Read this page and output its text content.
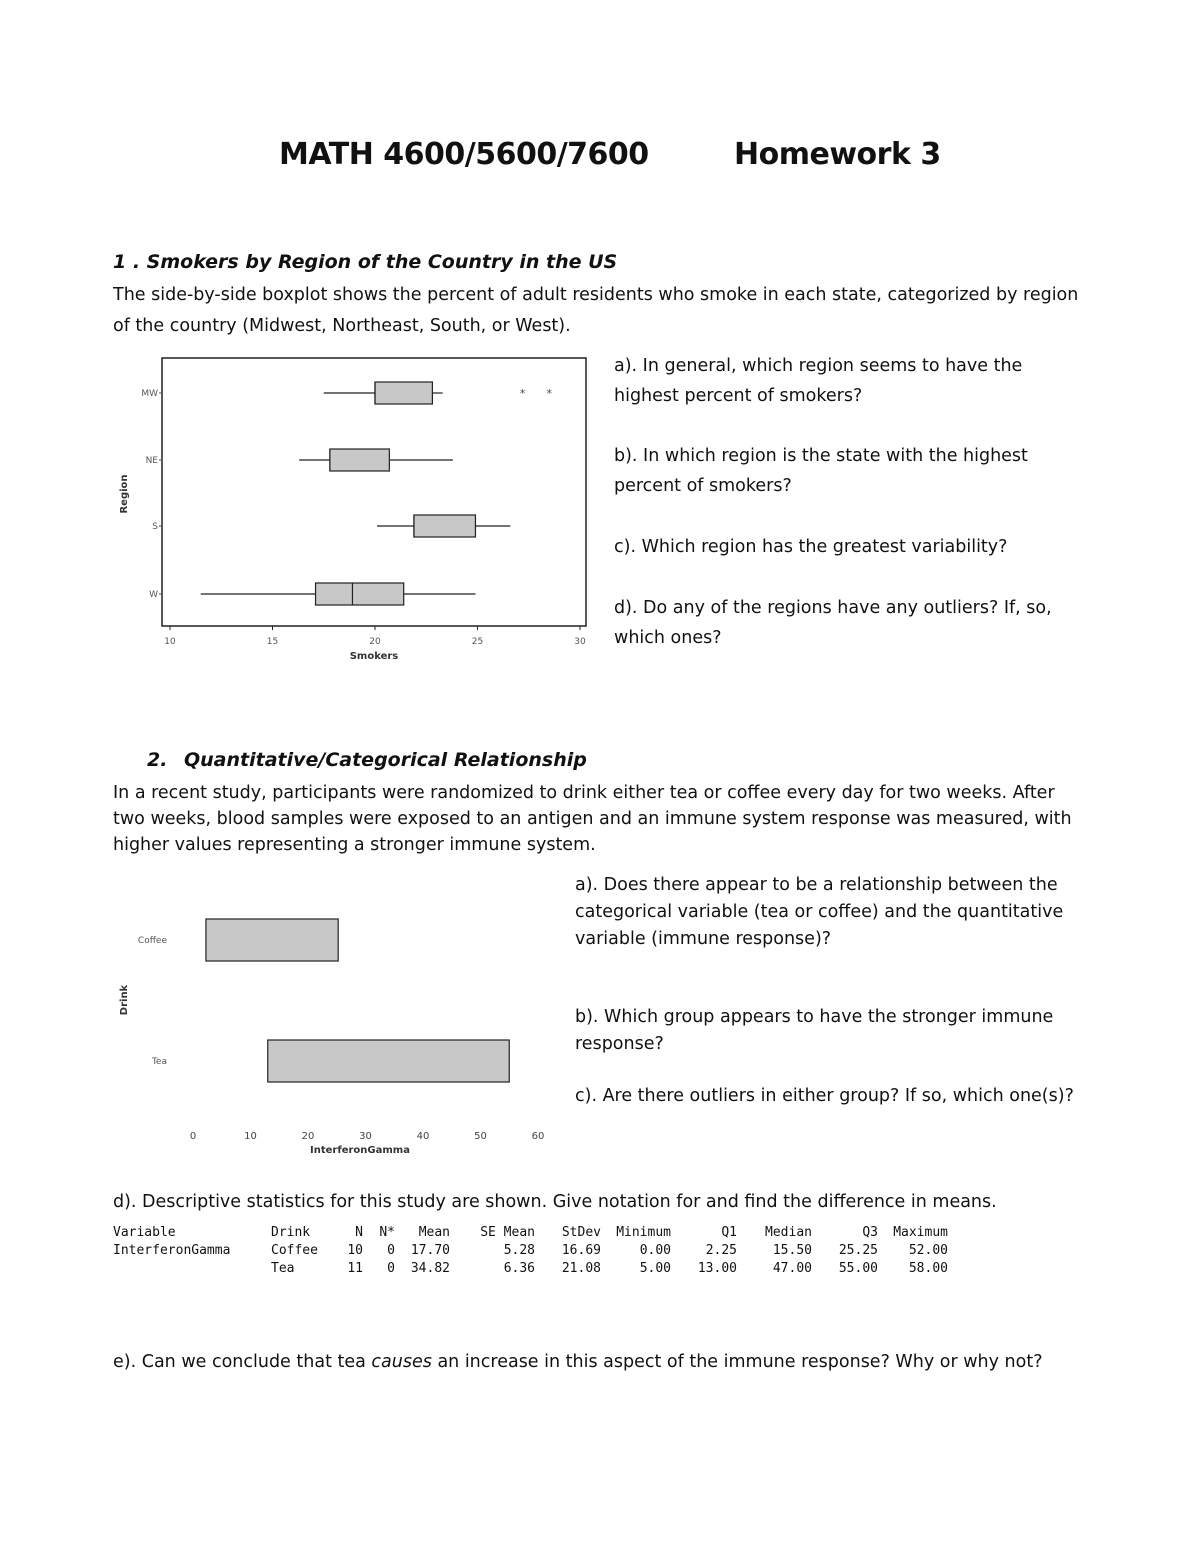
MATH 4600/5600/7600	Homework 3
1 . Smokers by Region of the Country in the US
The side-by-side boxplot shows the percent of adult residents who smoke in each state, categorized by region
of the country (Midwest, Northeast, South, or West).
MW
NE
S
W
* *
10	15	20	25	30
Smokers
Region
a). In general, which region seems to have the
highest percent of smokers?
b). In which region is the state with the highest
percent of smokers?
c). Which region has the greatest variability?
d). Do any of the regions have any outliers? If, so,
which ones?
2. Quantitative/Categorical Relationship
In a recent study, participants were randomized to drink either tea or coffee every day for two weeks. After
two weeks, blood samples were exposed to an antigen and an immune system response was measured, with
higher values representing a stronger immune system.
Coffee
Tea
0	10	20	30	40	50	60
InterferonGamma
Drink
a). Does there appear to be a relationship between the
categorical variable (tea or coffee) and the quantitative
variable (immune response)?
b). Which group appears to have the stronger immune
response?
c). Are there outliers in either group? If so, which one(s)?
d). Descriptive statistics for this study are shown. Give notation for and find the difference in means.
Variable	Drink	N	N*	Mean	SE Mean	StDev	Minimum	Q1	Median	Q3	Maximum
InterferonGamma	Coffee	10	0	17.70	5.28	16.69	0.00	2.25	15.50	25.25	52.00
	Tea	11	0	34.82	6.36	21.08	5.00	13.00	47.00	55.00	58.00
e). Can we conclude that tea causes an increase in this aspect of the immune response? Why or why not?
